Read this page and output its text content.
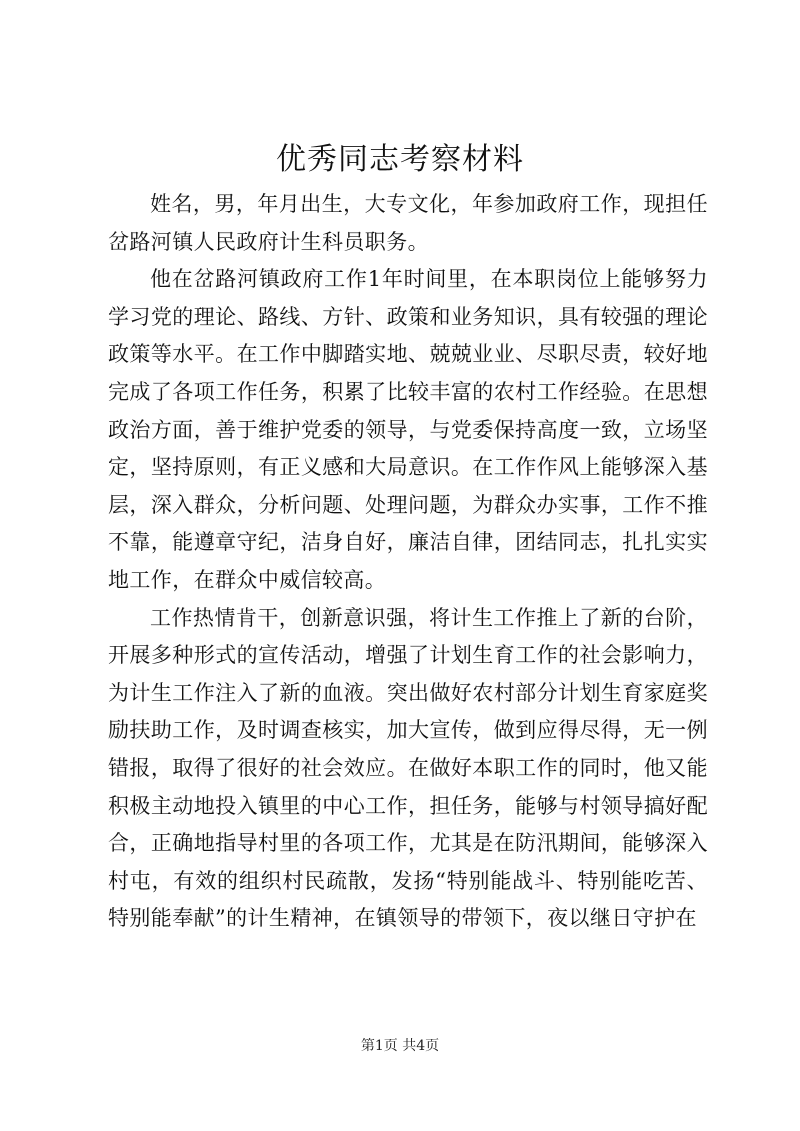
优秀同志考察材料

姓名，男，年月出生，大专文化，年参加政府工作，现担任岔路河镇人民政府计生科员职务。

他在岔路河镇政府工作1年时间里，在本职岗位上能够努力学习党的理论、路线、方针、政策和业务知识，具有较强的理论政策等水平。在工作中脚踏实地、兢兢业业、尽职尽责，较好地完成了各项工作任务，积累了比较丰富的农村工作经验。在思想政治方面，善于维护党委的领导，与党委保持高度一致，立场坚定，坚持原则，有正义感和大局意识。在工作作风上能够深入基层，深入群众，分析问题、处理问题，为群众办实事，工作不推不靠，能遵章守纪，洁身自好，廉洁自律，团结同志，扎扎实实地工作，在群众中威信较高。

工作热情肯干，创新意识强，将计生工作推上了新的台阶，开展多种形式的宣传活动，增强了计划生育工作的社会影响力，为计生工作注入了新的血液。突出做好农村部分计划生育家庭奖励扶助工作，及时调查核实，加大宣传，做到应得尽得，无一例错报，取得了很好的社会效应。在做好本职工作的同时，他又能积极主动地投入镇里的中心工作，担任务，能够与村领导搞好配合，正确地指导村里的各项工作，尤其是在防汛期间，能够深入村屯，有效的组织村民疏散，发扬“特别能战斗、特别能吃苦、特别能奉献”的计生精神，在镇领导的带领下，夜以继日守护在

第1页 共4页
